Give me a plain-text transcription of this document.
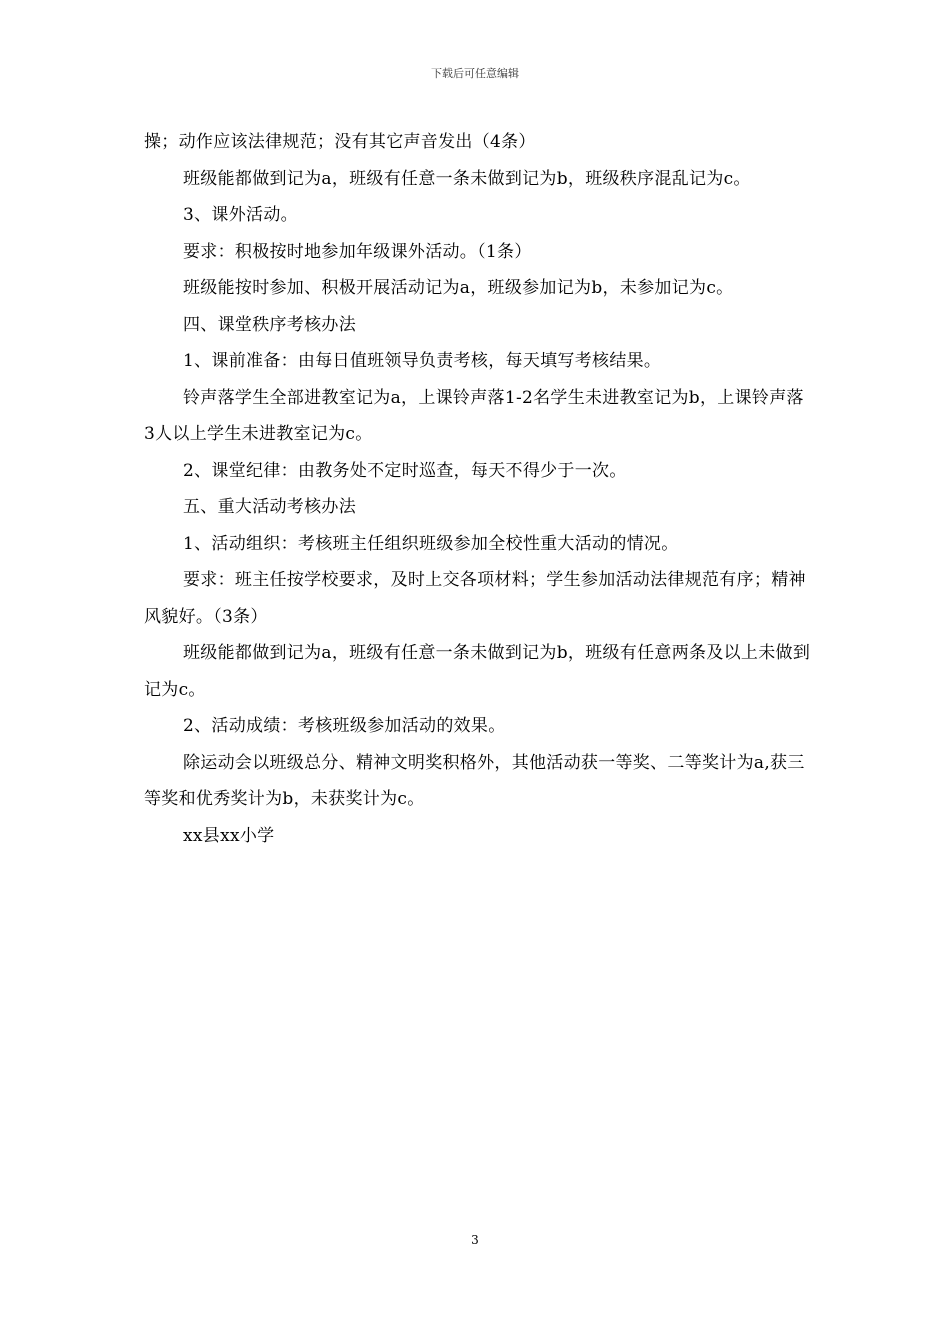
下载后可任意编辑

操；动作应该法律规范；没有其它声音发出（4条）

班级能都做到记为a，班级有任意一条未做到记为b，班级秩序混乱记为c。

3、课外活动。

要求：积极按时地参加年级课外活动。（1条）

班级能按时参加、积极开展活动记为a，班级参加记为b，未参加记为c。

四、课堂秩序考核办法

1、课前准备：由每日值班领导负责考核，每天填写考核结果。

铃声落学生全部进教室记为a，上课铃声落1-2名学生未进教室记为b，上课铃声落3人以上学生未进教室记为c。

2、课堂纪律：由教务处不定时巡查，每天不得少于一次。

五、重大活动考核办法

1、活动组织：考核班主任组织班级参加全校性重大活动的情况。

要求：班主任按学校要求，及时上交各项材料；学生参加活动法律规范有序；精神风貌好。（3条）

班级能都做到记为a，班级有任意一条未做到记为b，班级有任意两条及以上未做到记为c。

2、活动成绩：考核班级参加活动的效果。

除运动会以班级总分、精神文明奖积格外，其他活动获一等奖、二等奖计为a,获三等奖和优秀奖计为b，未获奖计为c。

xx县xx小学

3
